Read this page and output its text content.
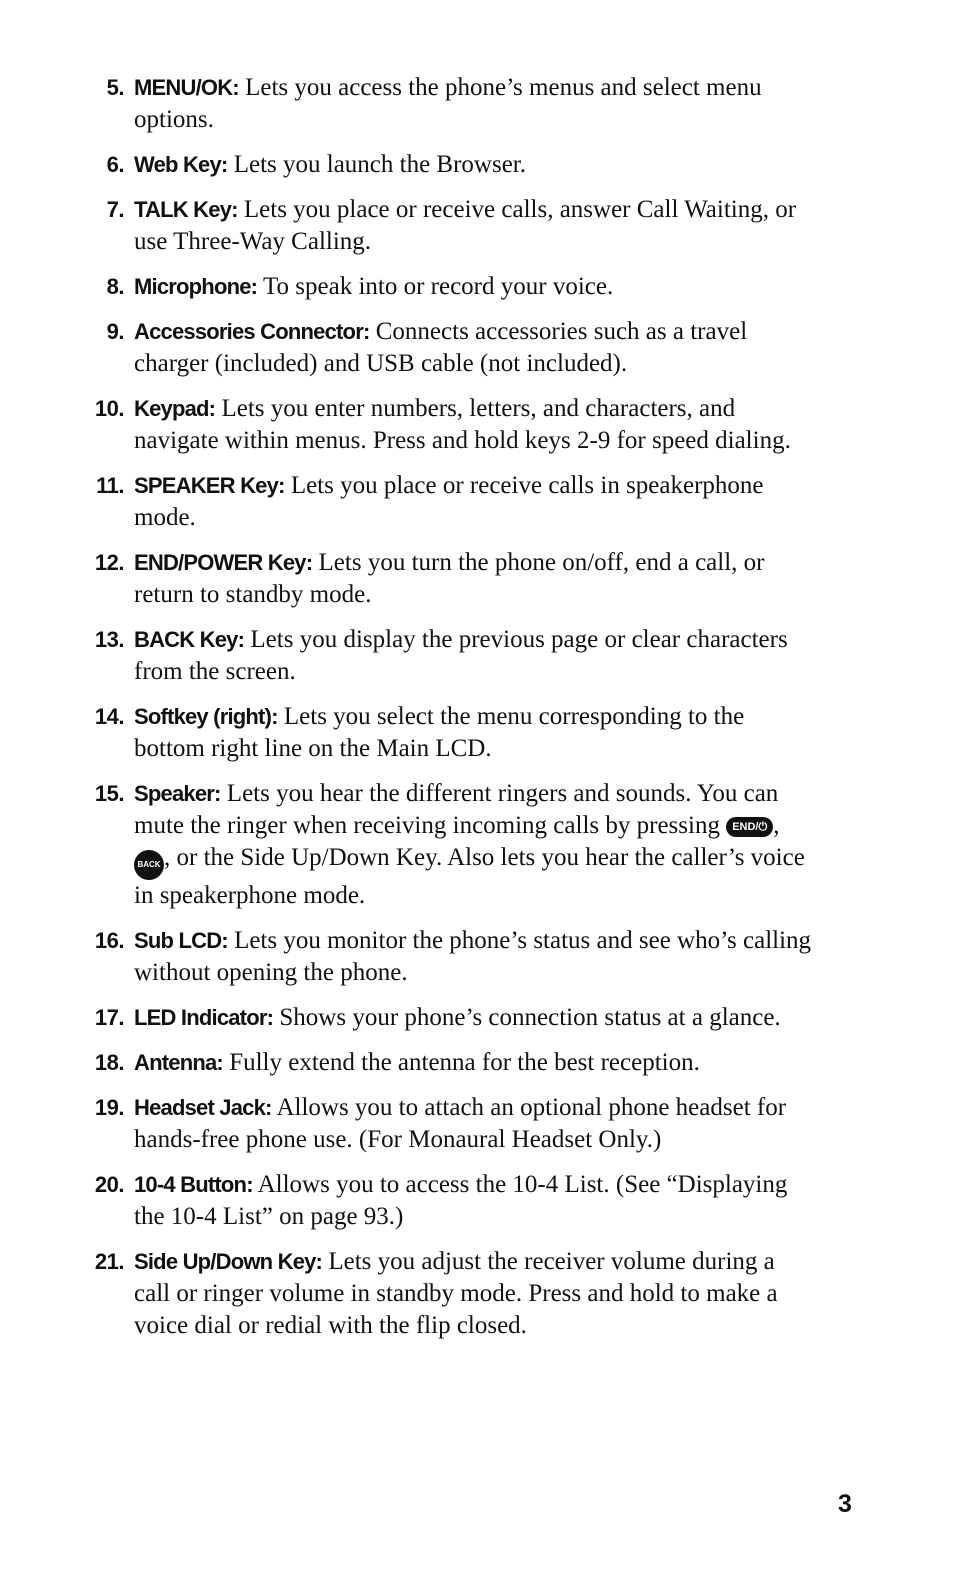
5. MENU/OK: Lets you access the phone’s menus and select menu options.
6. Web Key: Lets you launch the Browser.
7. TALK Key: Lets you place or receive calls, answer Call Waiting, or use Three-Way Calling.
8. Microphone: To speak into or record your voice.
9. Accessories Connector: Connects accessories such as a travel charger (included) and USB cable (not included).
10. Keypad: Lets you enter numbers, letters, and characters, and navigate within menus. Press and hold keys 2-9 for speed dialing.
11. SPEAKER Key: Lets you place or receive calls in speakerphone mode.
12. END/POWER Key: Lets you turn the phone on/off, end a call, or return to standby mode.
13. BACK Key: Lets you display the previous page or clear characters from the screen.
14. Softkey (right): Lets you select the menu corresponding to the bottom right line on the Main LCD.
15. Speaker: Lets you hear the different ringers and sounds. You can mute the ringer when receiving incoming calls by pressing END/⏻ , BACK , or the Side Up/Down Key. Also lets you hear the caller’s voice in speakerphone mode.
16. Sub LCD: Lets you monitor the phone’s status and see who’s calling without opening the phone.
17. LED Indicator: Shows your phone’s connection status at a glance.
18. Antenna: Fully extend the antenna for the best reception.
19. Headset Jack: Allows you to attach an optional phone headset for hands-free phone use. (For Monaural Headset Only.)
20. 10-4 Button: Allows you to access the 10-4 List. (See “Displaying the 10-4 List” on page 93.)
21. Side Up/Down Key: Lets you adjust the receiver volume during a call or ringer volume in standby mode. Press and hold to make a voice dial or redial with the flip closed.
3
